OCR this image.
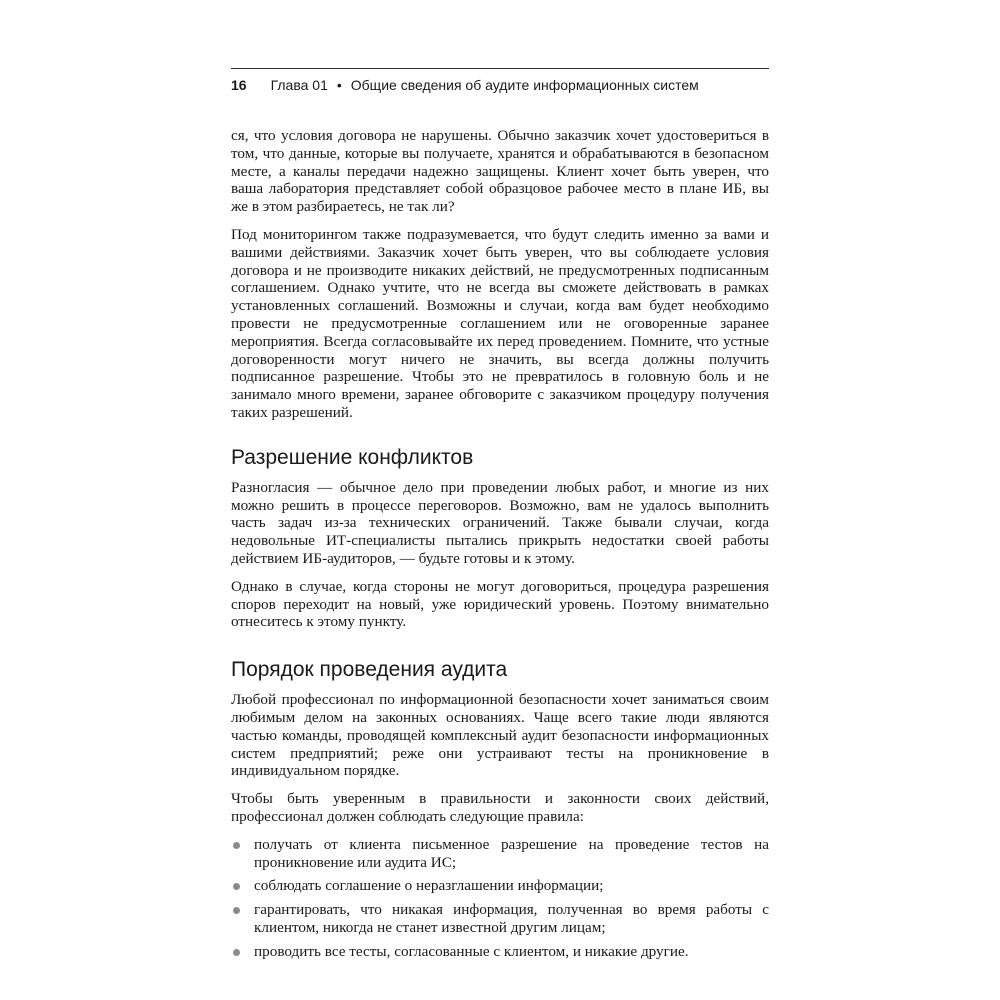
16 Глава 01 • Общие сведения об аудите информационных систем

ся, что условия договора не нарушены. Обычно заказчик хочет удостовериться в том, что данные, которые вы получаете, хранятся и обрабатываются в безопасном месте, а каналы передачи надежно защищены. Клиент хочет быть уверен, что ваша лаборатория представляет собой образцовое рабочее место в плане ИБ, вы же в этом разбираетесь, не так ли?

Под мониторингом также подразумевается, что будут следить именно за вами и вашими действиями. Заказчик хочет быть уверен, что вы соблюдаете условия договора и не производите никаких действий, не предусмотренных подписанным соглашением. Однако учтите, что не всегда вы сможете действовать в рамках установленных соглашений. Возможны и случаи, когда вам будет необходимо провести не предусмотренные соглашением или не оговоренные заранее мероприятия. Всегда согласовывайте их перед проведением. Помните, что устные договоренности могут ничего не значить, вы всегда должны получить подписанное разрешение. Чтобы это не превратилось в головную боль и не занимало много времени, заранее обговорите с заказчиком процедуру получения таких разрешений.

Разрешение конфликтов

Разногласия — обычное дело при проведении любых работ, и многие из них можно решить в процессе переговоров. Возможно, вам не удалось выполнить часть задач из-за технических ограничений. Также бывали случаи, когда недовольные ИТ-специалисты пытались прикрыть недостатки своей работы действием ИБ-аудиторов, — будьте готовы и к этому.

Однако в случае, когда стороны не могут договориться, процедура разрешения споров переходит на новый, уже юридический уровень. Поэтому внимательно отнеситесь к этому пункту.

Порядок проведения аудита

Любой профессионал по информационной безопасности хочет заниматься своим любимым делом на законных основаниях. Чаще всего такие люди являются частью команды, проводящей комплексный аудит безопасности информационных систем предприятий; реже они устраивают тесты на проникновение в индивидуальном порядке.

Чтобы быть уверенным в правильности и законности своих действий, профессионал должен соблюдать следующие правила:

получать от клиента письменное разрешение на проведение тестов на проникновение или аудита ИС;

соблюдать соглашение о неразглашении информации;

гарантировать, что никакая информация, полученная во время работы с клиентом, никогда не станет известной другим лицам;

проводить все тесты, согласованные с клиентом, и никакие другие.
